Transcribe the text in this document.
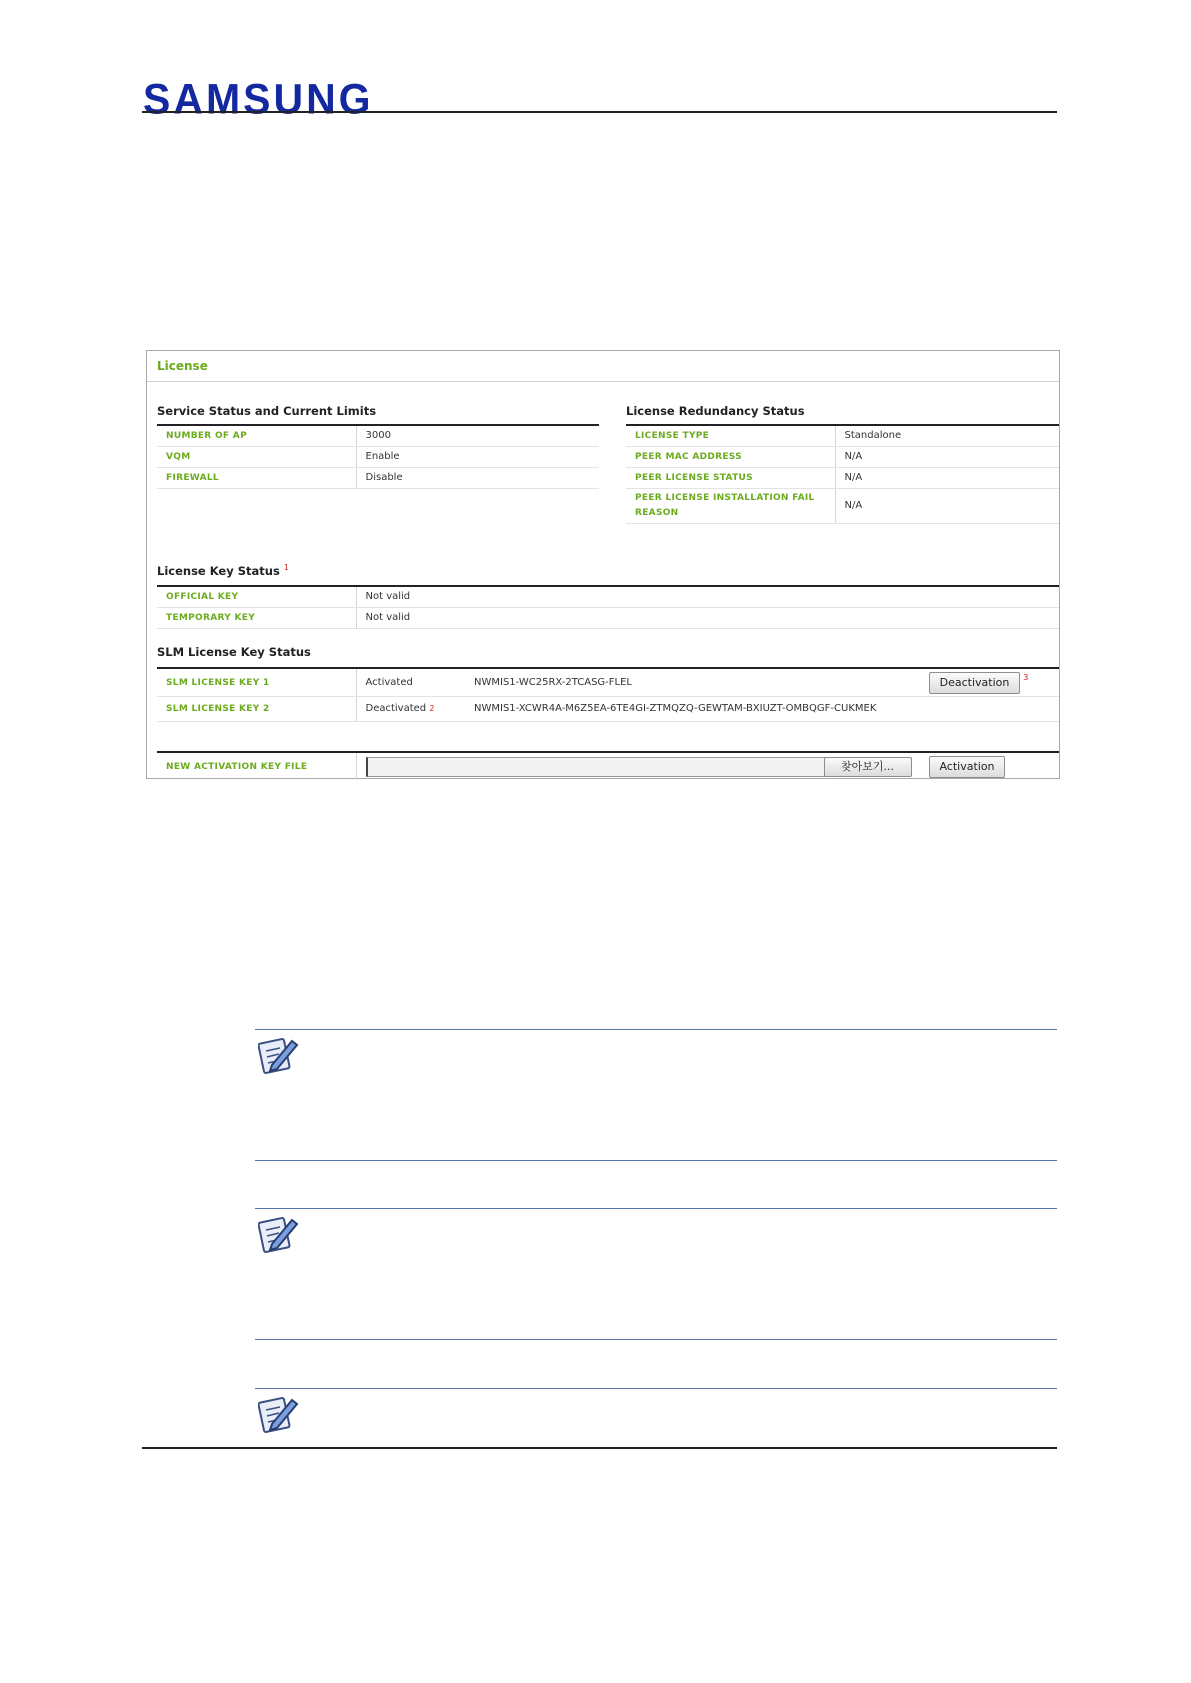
SAMSUNG
License
Service Status and Current Limits
NUMBER OF AP	3000
VQM	Enable
FIREWALL	Disable
License Redundancy Status
LICENSE TYPE	Standalone
PEER MAC ADDRESS	N/A
PEER LICENSE STATUS	N/A
PEER LICENSE INSTALLATION FAIL REASON	N/A
License Key Status $^1$
OFFICIAL KEY	Not valid
TEMPORARY KEY	Not valid
SLM License Key Status
SLM LICENSE KEY 1	Activated	NWMIS1-WC25RX-2TCASG-FLEL	Deactivation $^3$
SLM LICENSE KEY 2	Deactivated $^2$	NWMIS1-XCWR4A-M6Z5EA-6TE4GI-ZTMQZQ-GEWTAM-BXIUZT-OMBQGF-CUKMEK	
NEW ACTIVATION KEY FILE	찾아보기...	Activation
